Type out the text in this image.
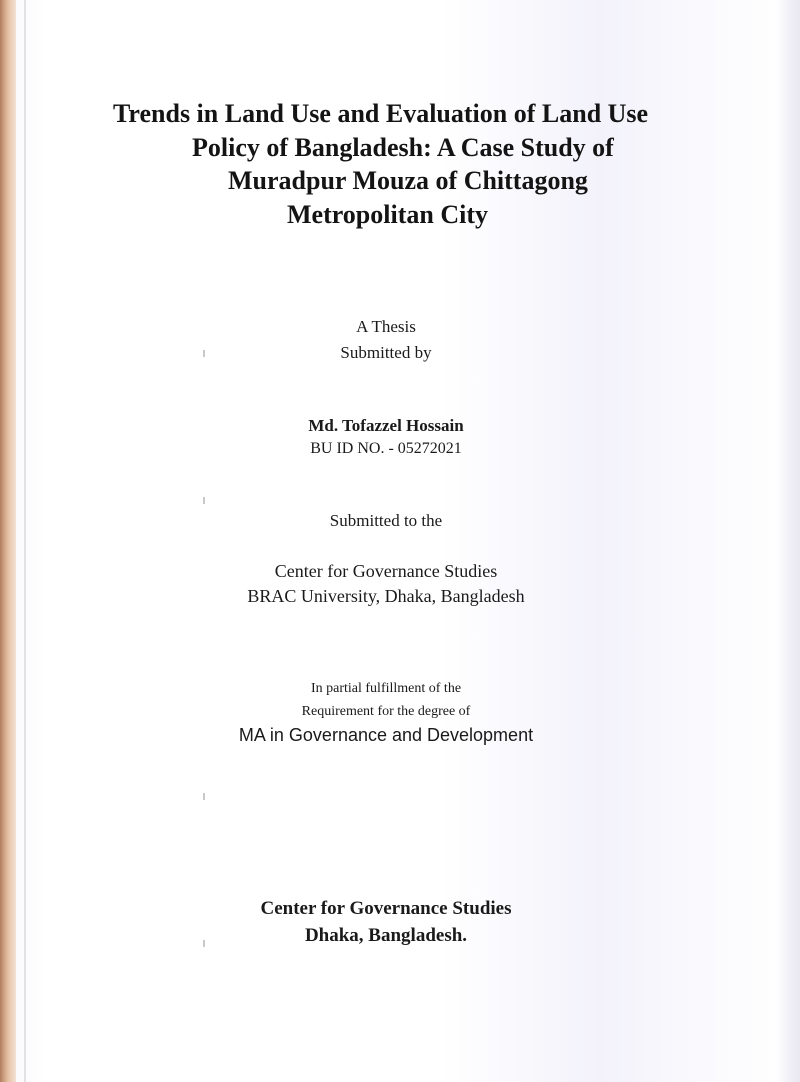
Trends in Land Use and Evaluation of Land Use
Policy of Bangladesh: A Case Study of
Muradpur Mouza of Chittagong
Metropolitan City
A Thesis
Submitted by
Md. Tofazzel Hossain
BU ID NO. - 05272021
Submitted to the
Center for Governance Studies
BRAC University, Dhaka, Bangladesh
In partial fulfillment of the
Requirement for the degree of
MA in Governance and Development
Center for Governance Studies
Dhaka, Bangladesh.
